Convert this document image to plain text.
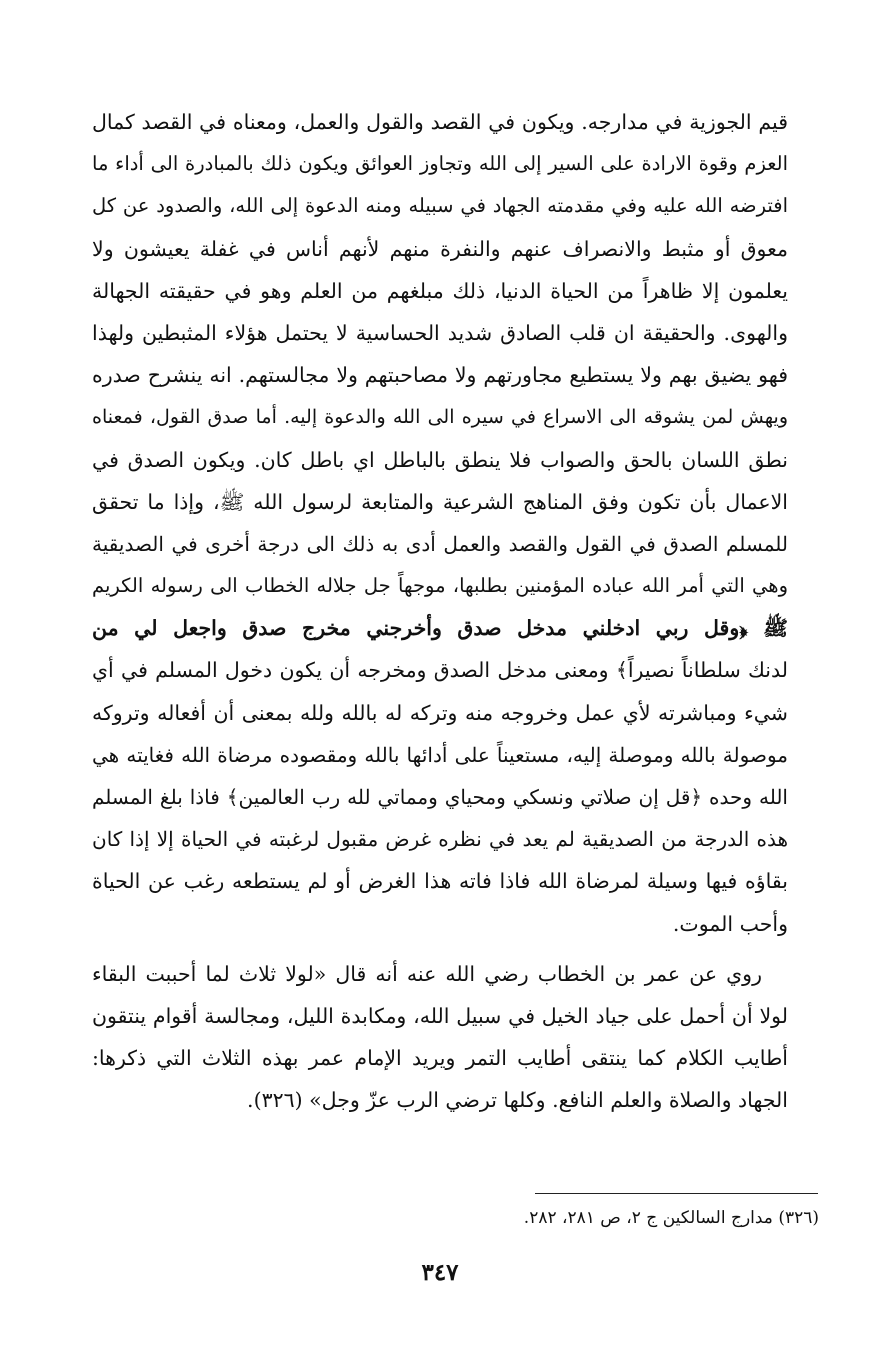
قيم الجوزية في مدارجه. ويكون في القصد والقول والعمل، ومعناه في القصد كمال
العزم وقوة الارادة على السير إلى الله وتجاوز العوائق ويكون ذلك بالمبادرة الى أداء ما
افترضه الله عليه وفي مقدمته الجهاد في سبيله ومنه الدعوة إلى الله، والصدود عن كل
معوق أو مثبط والانصراف عنهم والنفرة منهم لأنهم أناس في غفلة يعيشون ولا
يعلمون إلا ظاهراً من الحياة الدنيا، ذلك مبلغهم من العلم وهو في حقيقته الجهالة
والهوى. والحقيقة ان قلب الصادق شديد الحساسية لا يحتمل هؤلاء المثبطين ولهذا
فهو يضيق بهم ولا يستطيع مجاورتهم ولا مصاحبتهم ولا مجالستهم. انه ينشرح صدره
ويهش لمن يشوقه الى الاسراع في سيره الى الله والدعوة إليه. أما صدق القول، فمعناه
نطق اللسان بالحق والصواب فلا ينطق بالباطل اي باطل كان. ويكون الصدق في
الاعمال بأن تكون وفق المناهج الشرعية والمتابعة لرسول الله ﷺ، وإذا ما تحقق
للمسلم الصدق في القول والقصد والعمل أدى به ذلك الى درجة أخرى في الصديقية
وهي التي أمر الله عباده المؤمنين بطلبها، موجهاً جل جلاله الخطاب الى رسوله الكريم
ﷺ ﴿وقل ربي ادخلني مدخل صدق وأخرجني مخرج صدق واجعل لي من
لدنك سلطاناً نصيراً﴾ ومعنى مدخل الصدق ومخرجه أن يكون دخول المسلم في أي
شيء ومباشرته لأي عمل وخروجه منه وتركه له بالله ولله بمعنى أن أفعاله وتروكه
موصولة بالله وموصلة إليه، مستعيناً على أدائها بالله ومقصوده مرضاة الله فغايته هي
الله وحده ﴿قل إن صلاتي ونسكي ومحياي ومماتي لله رب العالمين﴾ فاذا بلغ المسلم
هذه الدرجة من الصديقية لم يعد في نظره غرض مقبول لرغبته في الحياة إلا إذا كان
بقاؤه فيها وسيلة لمرضاة الله فاذا فاته هذا الغرض أو لم يستطعه رغب عن الحياة
وأحب الموت.
روي عن عمر بن الخطاب رضي الله عنه أنه قال «لولا ثلاث لما أحببت البقاء
لولا أن أحمل على جياد الخيل في سبيل الله، ومكابدة الليل، ومجالسة أقوام ينتقون
أطايب الكلام كما ينتقى أطايب التمر ويريد الإمام عمر بهذه الثلاث التي ذكرها:
الجهاد والصلاة والعلم النافع. وكلها ترضي الرب عزّ وجل» (٣٢٦).
(٣٢٦) مدارج السالكين ج ٢، ص ٢٨١، ٢٨٢.
٣٤٧
